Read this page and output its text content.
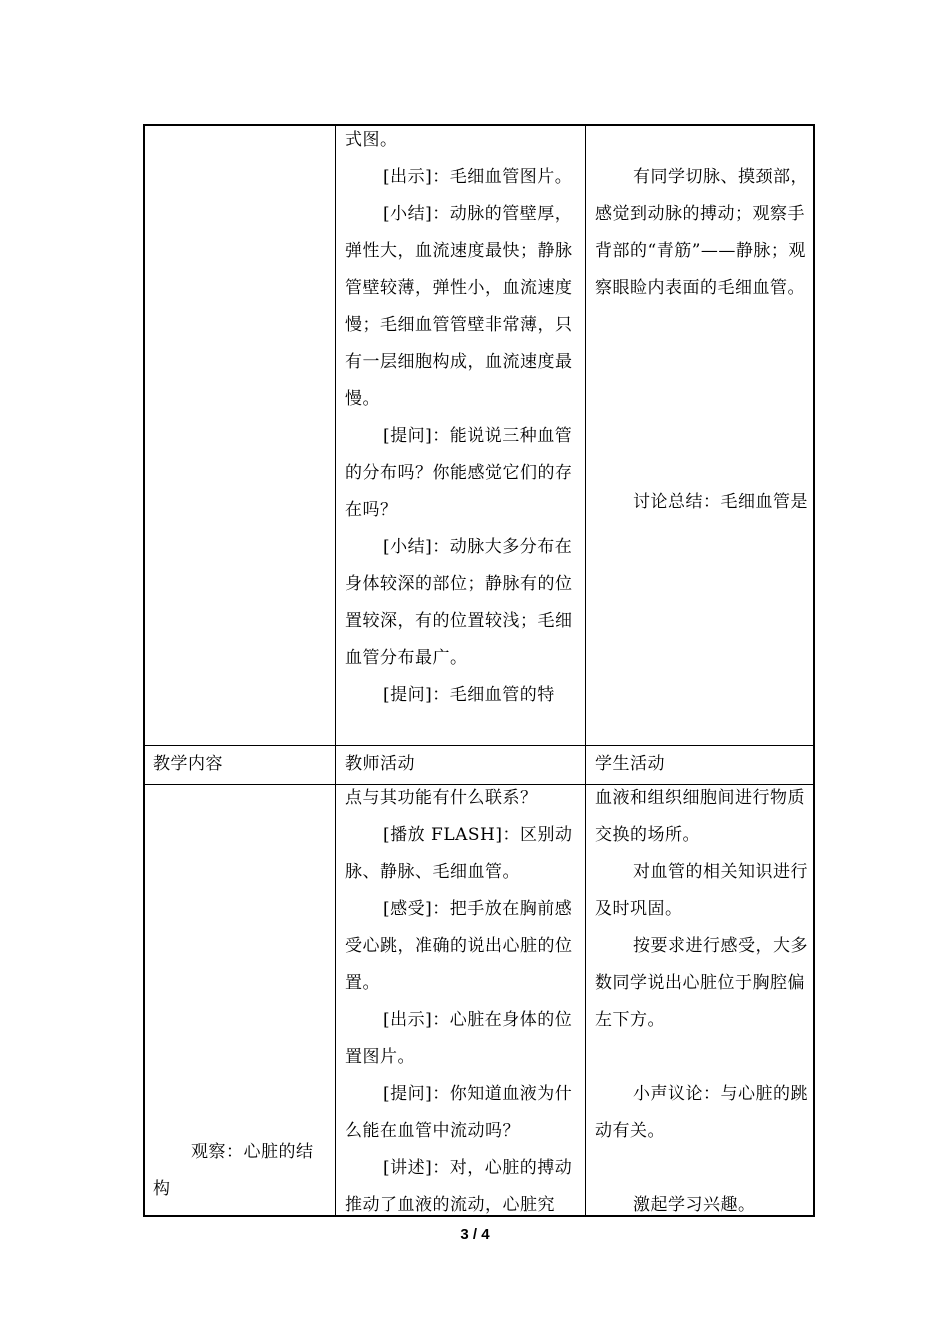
式图。

[出示]：毛细血管图片。

[小结]：动脉的管壁厚，弹性大，血流速度最快；静脉管壁较薄，弹性小，血流速度慢；毛细血管管壁非常薄，只有一层细胞构成，血流速度最慢。

[提问]：能说说三种血管的分布吗？你能感觉它们的存在吗？

[小结]：动脉大多分布在身体较深的部位；静脉有的位置较深，有的位置较浅；毛细血管分布最广。

[提问]：毛细血管的特

有同学切脉、摸颈部，感觉到动脉的搏动；观察手背部的“青筋”——静脉；观察眼睑内表面的毛细血管。

讨论总结：毛细血管是

教学内容	教师活动	学生活动

观察：心脏的结构

点与其功能有什么联系？

[播放 FLASH]：区别动脉、静脉、毛细血管。

[感受]：把手放在胸前感受心跳，准确的说出心脏的位置。

[出示]：心脏在身体的位置图片。

[提问]：你知道血液为什么能在血管中流动吗？

[讲述]：对，心脏的搏动推动了血液的流动，心脏究

血液和组织细胞间进行物质交换的场所。

对血管的相关知识进行及时巩固。

按要求进行感受，大多数同学说出心脏位于胸腔偏左下方。

小声议论：与心脏的跳动有关。

激起学习兴趣。

3 / 4
